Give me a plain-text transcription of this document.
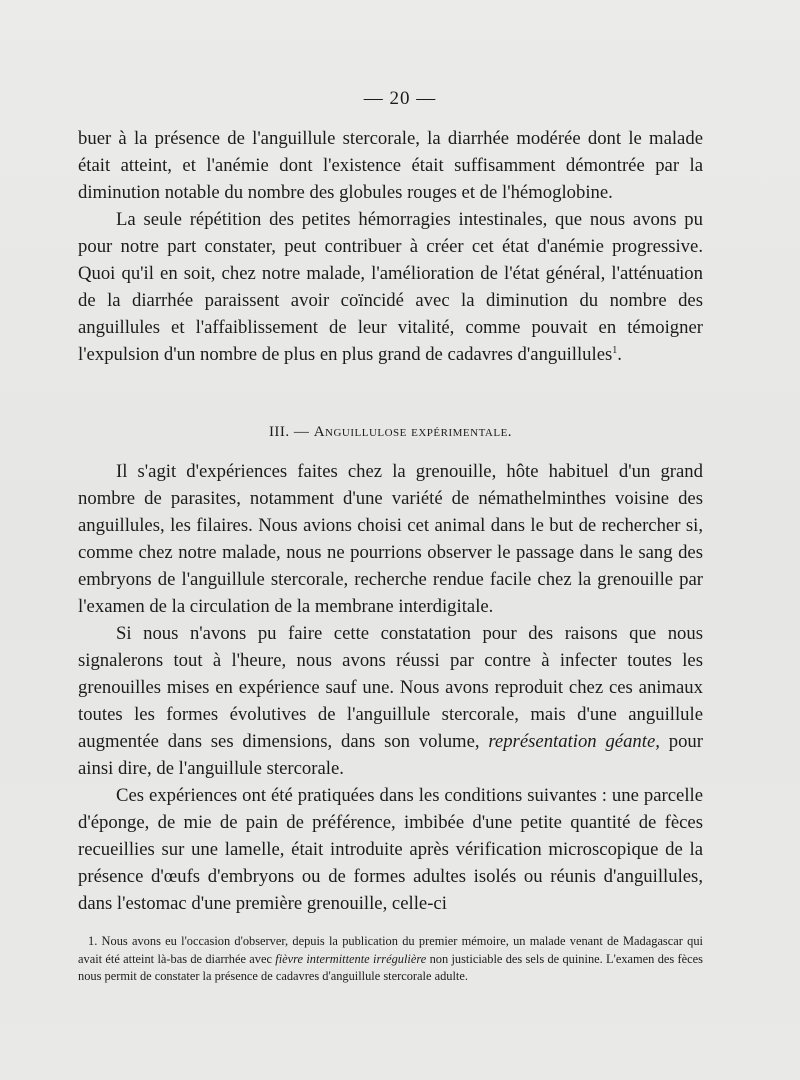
— 20 —

buer à la présence de l'anguillule stercorale, la diarrhée modérée dont le malade était atteint, et l'anémie dont l'existence était suffisamment démontrée par la diminution notable du nombre des globules rouges et de l'hémoglobine.

La seule répétition des petites hémorragies intestinales, que nous avons pu pour notre part constater, peut contribuer à créer cet état d'anémie progressive. Quoi qu'il en soit, chez notre malade, l'amélioration de l'état général, l'atténuation de la diarrhée paraissent avoir coïncidé avec la diminution du nombre des anguillules et l'affaiblissement de leur vitalité, comme pouvait en témoigner l'expulsion d'un nombre de plus en plus grand de cadavres d'anguillules$^1$.

III. — Anguillulose expérimentale.

Il s'agit d'expériences faites chez la grenouille, hôte habituel d'un grand nombre de parasites, notamment d'une variété de némathelminthes voisine des anguillules, les filaires. Nous avions choisi cet animal dans le but de rechercher si, comme chez notre malade, nous ne pourrions observer le passage dans le sang des embryons de l'anguillule stercorale, recherche rendue facile chez la grenouille par l'examen de la circulation de la membrane interdigitale.

Si nous n'avons pu faire cette constatation pour des raisons que nous signalerons tout à l'heure, nous avons réussi par contre à infecter toutes les grenouilles mises en expérience sauf une. Nous avons reproduit chez ces animaux toutes les formes évolutives de l'anguillule stercorale, mais d'une anguillule augmentée dans ses dimensions, dans son volume, représentation géante, pour ainsi dire, de l'anguillule stercorale.

Ces expériences ont été pratiquées dans les conditions suivantes : une parcelle d'éponge, de mie de pain de préférence, imbibée d'une petite quantité de fèces recueillies sur une lamelle, était introduite après vérification microscopique de la présence d'œufs d'embryons ou de formes adultes isolés ou réunis d'anguillules, dans l'estomac d'une première grenouille, celle-ci

1. Nous avons eu l'occasion d'observer, depuis la publication du premier mémoire, un malade venant de Madagascar qui avait été atteint là-bas de diarrhée avec fièvre intermittente irrégulière non justiciable des sels de quinine. L'examen des fèces nous permit de constater la présence de cadavres d'anguillule stercorale adulte.
